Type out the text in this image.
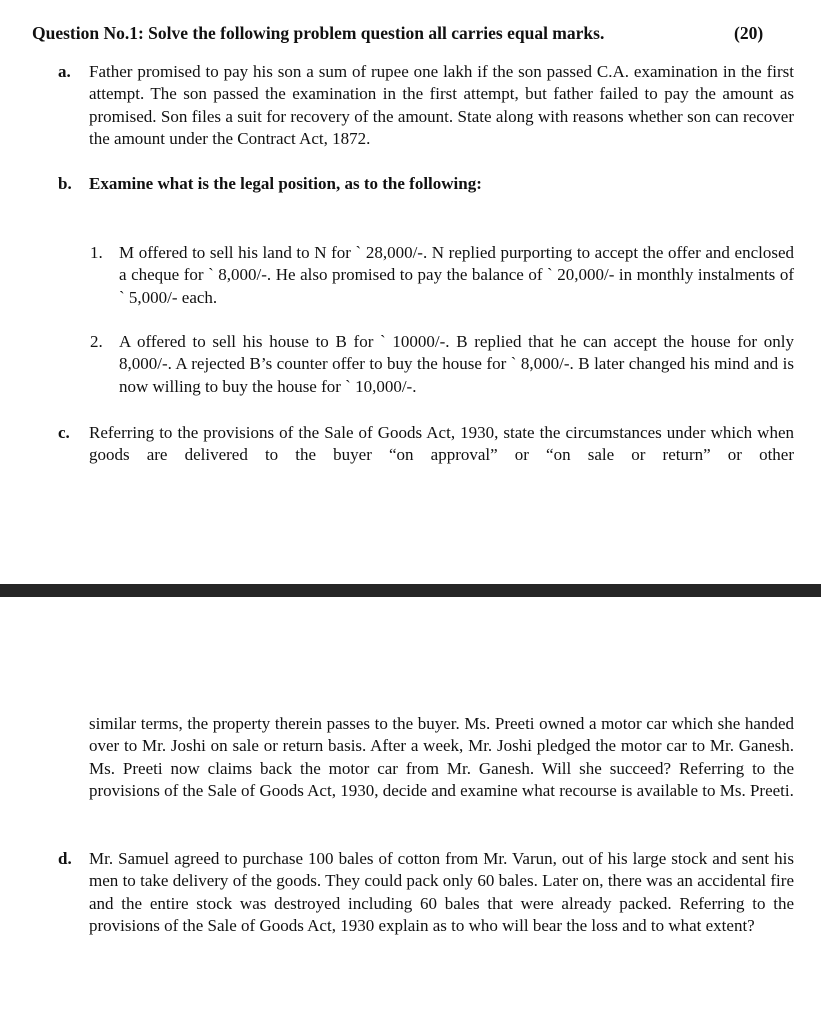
Question No.1: Solve the following problem question all carries equal marks.	(20)
a. Father promised to pay his son a sum of rupee one lakh if the son passed C.A. examination in the first attempt. The son passed the examination in the first attempt, but father failed to pay the amount as promised. Son files a suit for recovery of the amount. State along with reasons whether son can recover the amount under the Contract Act, 1872.
b. Examine what is the legal position, as to the following:
1. M offered to sell his land to N for ` 28,000/-. N replied purporting to accept the offer and enclosed a cheque for ` 8,000/-. He also promised to pay the balance of ` 20,000/- in monthly instalments of ` 5,000/- each.
2. A offered to sell his house to B for ` 10000/-. B replied that he can accept the house for only 8,000/-. A rejected B’s counter offer to buy the house for ` 8,000/-. B later changed his mind and is now willing to buy the house for ` 10,000/-.
c. Referring to the provisions of the Sale of Goods Act, 1930, state the circumstances under which when goods are delivered to the buyer “on approval” or “on sale or return” or other
similar terms, the property therein passes to the buyer. Ms. Preeti owned a motor car which she handed over to Mr. Joshi on sale or return basis. After a week, Mr. Joshi pledged the motor car to Mr. Ganesh. Ms. Preeti now claims back the motor car from Mr. Ganesh. Will she succeed? Referring to the provisions of the Sale of Goods Act, 1930, decide and examine what recourse is available to Ms. Preeti.
d. Mr. Samuel agreed to purchase 100 bales of cotton from Mr. Varun, out of his large stock and sent his men to take delivery of the goods. They could pack only 60 bales. Later on, there was an accidental fire and the entire stock was destroyed including 60 bales that were already packed. Referring to the provisions of the Sale of Goods Act, 1930 explain as to who will bear the loss and to what extent?
